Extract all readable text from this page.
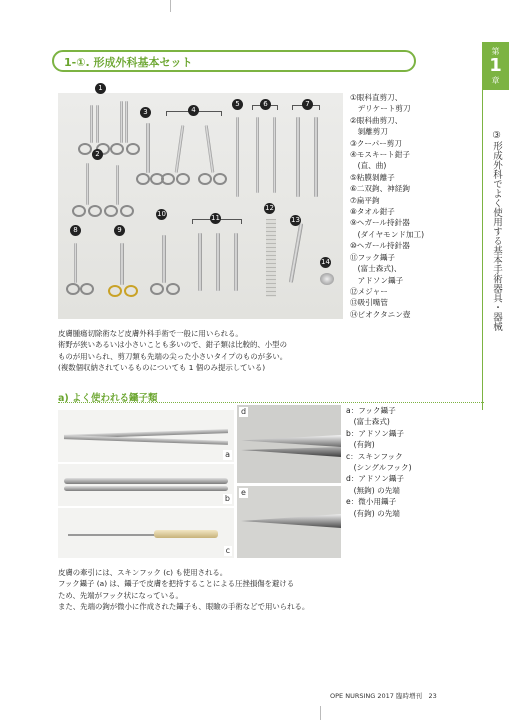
第
1
章
③形成外科でよく使用する基本手術器具・器械
1-①. 形成外科基本セット
1
2
3	4
5	6	7
8	9
10	11
12
13
14
①眼科直剪刀、
　デリケート剪刀
②眼科曲剪刀、
　剝離剪刀
③クーパー剪刀
④モスキート鉗子
　(直、曲)
⑤粘膜剝離子
⑥二双鉤、神経鉤
⑦扁平鉤
⑧タオル鉗子
⑨ヘガール持針器
　(ダイヤモンド加工)
⑩ヘガール持針器
⑪フック鑷子
　(富士森式)、
　アドソン鑷子
⑫メジャー
⑬吸引嘴管
⑭ビオクタニン壺
皮膚腫瘍切除術など皮膚外科手術で一般に用いられる。
術野が狭いあるいは小さいことも多いので、鉗子類は比較的、小型の
ものが用いられ、剪刀類も先端の尖った小さいタイプのものが多い。
(複数個収納されているものについても 1 個のみ提示している)
a) よく使われる鑷子類
a
b
c
d
e
a：フック鑷子
　(富士森式)
b：アドソン鑷子
　(有鉤)
c：スキンフック
　(シングルフック)
d：アドソン鑷子
　(無鉤) の先端
e：微小用鑷子
　(有鉤) の先端
皮膚の牽引には、スキンフック (c) も使用される。
フック鑷子 (a) は、鑷子で皮膚を把持することによる圧挫損傷を避ける
ため、先端がフック状になっている。
また、先端の鉤が微小に作成された鑷子も、眼瞼の手術などで用いられる。
OPE NURSING 2017 臨時増刊　23
